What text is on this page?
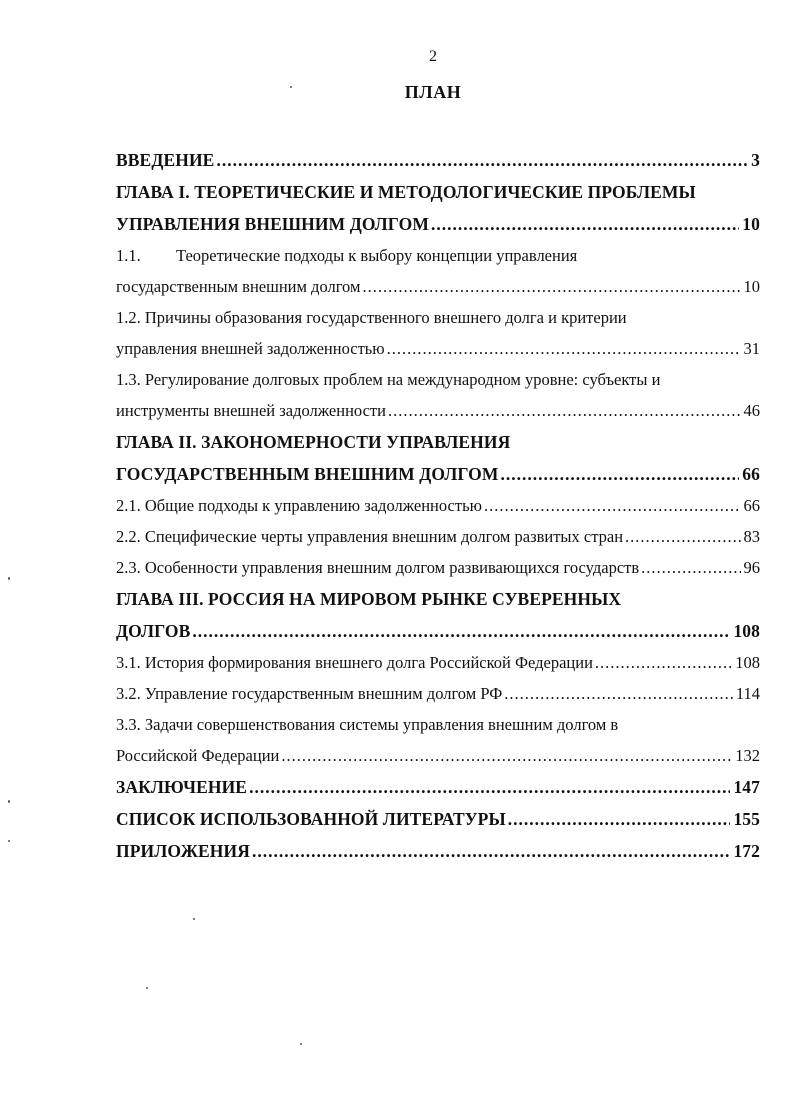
2
ПЛАН
ВВЕДЕНИЕ .....	3
ГЛАВА I. ТЕОРЕТИЧЕСКИЕ И МЕТОДОЛОГИЧЕСКИЕ ПРОБЛЕМЫ
УПРАВЛЕНИЯ ВНЕШНИМ ДОЛГОМ .....	10
1.1.	Теоретические подходы к выбору концепции управления
государственным внешним долгом .....	10
1.2. Причины образования государственного внешнего долга и критерии
управления внешней задолженностью .....	31
1.3. Регулирование долговых проблем на международном уровне: субъекты и
инструменты внешней задолженности .....	46
ГЛАВА II. ЗАКОНОМЕРНОСТИ УПРАВЛЕНИЯ
ГОСУДАРСТВЕННЫМ ВНЕШНИМ ДОЛГОМ .....	66
2.1. Общие подходы к управлению задолженностью .....	66
2.2. Специфические черты управления внешним долгом развитых стран .....	83
2.3. Особенности управления внешним долгом развивающихся государств .....	96
ГЛАВА III. РОССИЯ НА МИРОВОМ РЫНКЕ СУВЕРЕННЫХ
ДОЛГОВ .....	108
3.1. История формирования внешнего долга Российской Федерации .....	108
3.2. Управление государственным внешним долгом РФ .....	114
3.3. Задачи совершенствования системы управления внешним долгом в
Российской Федерации .....	132
ЗАКЛЮЧЕНИЕ .....	147
СПИСОК ИСПОЛЬЗОВАННОЙ ЛИТЕРАТУРЫ .....	155
ПРИЛОЖЕНИЯ .....	172
